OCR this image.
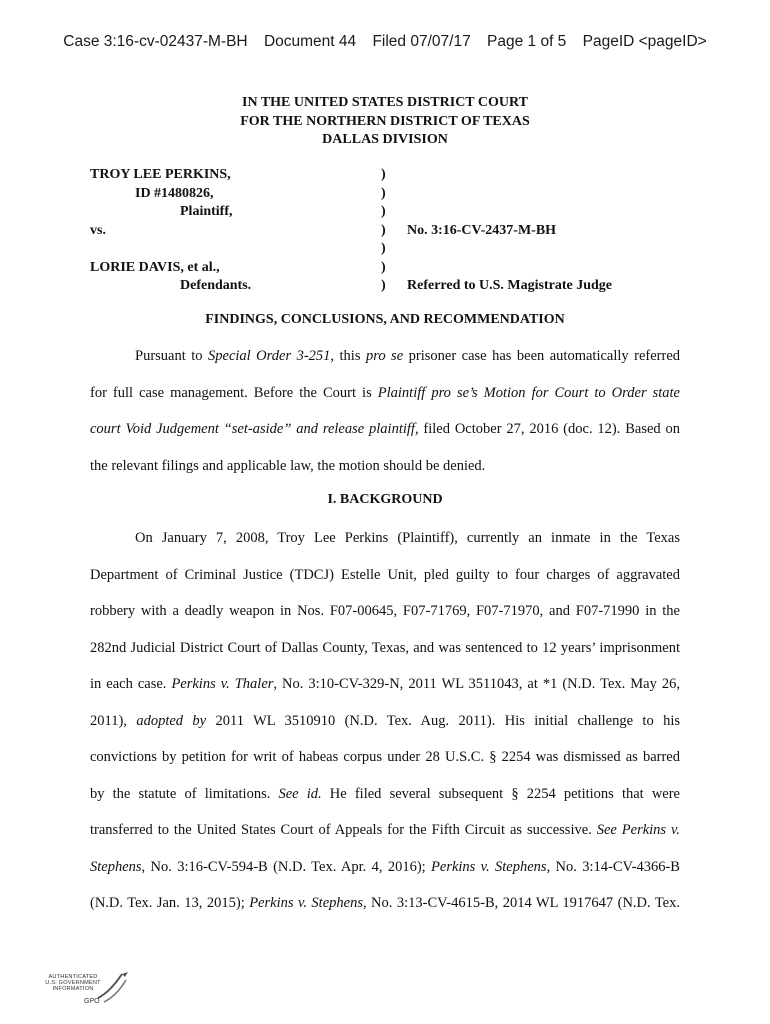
Case 3:16-cv-02437-M-BH Document 44 Filed 07/07/17 Page 1 of 5 PageID <pageID>
IN THE UNITED STATES DISTRICT COURT
FOR THE NORTHERN DISTRICT OF TEXAS
DALLAS DIVISION
TROY LEE PERKINS,	)
ID #1480826,	)
Plaintiff,	)
vs.	) No. 3:16-CV-2437-M-BH
)
LORIE DAVIS, et al.,	)
Defendants.	) Referred to U.S. Magistrate Judge
FINDINGS, CONCLUSIONS, AND RECOMMENDATION
Pursuant to Special Order 3-251, this pro se prisoner case has been automatically referred
for full case management. Before the Court is Plaintiff pro se’s Motion for Court to Order state
court Void Judgement “set-aside” and release plaintiff, filed October 27, 2016 (doc. 12). Based on
the relevant filings and applicable law, the motion should be denied.
I. BACKGROUND
On January 7, 2008, Troy Lee Perkins (Plaintiff), currently an inmate in the Texas
Department of Criminal Justice (TDCJ) Estelle Unit, pled guilty to four charges of aggravated
robbery with a deadly weapon in Nos. F07-00645, F07-71769, F07-71970, and F07-71990 in the
282nd Judicial District Court of Dallas County, Texas, and was sentenced to 12 years’ imprisonment
in each case. Perkins v. Thaler, No. 3:10-CV-329-N, 2011 WL 3511043, at *1 (N.D. Tex. May 26,
2011), adopted by 2011 WL 3510910 (N.D. Tex. Aug. 2011). His initial challenge to his
convictions by petition for writ of habeas corpus under 28 U.S.C. § 2254 was dismissed as barred
by the statute of limitations. See id. He filed several subsequent § 2254 petitions that were
transferred to the United States Court of Appeals for the Fifth Circuit as successive. See Perkins v.
Stephens, No. 3:16-CV-594-B (N.D. Tex. Apr. 4, 2016); Perkins v. Stephens, No. 3:14-CV-4366-B
(N.D. Tex. Jan. 13, 2015); Perkins v. Stephens, No. 3:13-CV-4615-B, 2014 WL 1917647 (N.D. Tex.
AUTHENTICATED
U.S. GOVERNMENT
INFORMATION
GPO
